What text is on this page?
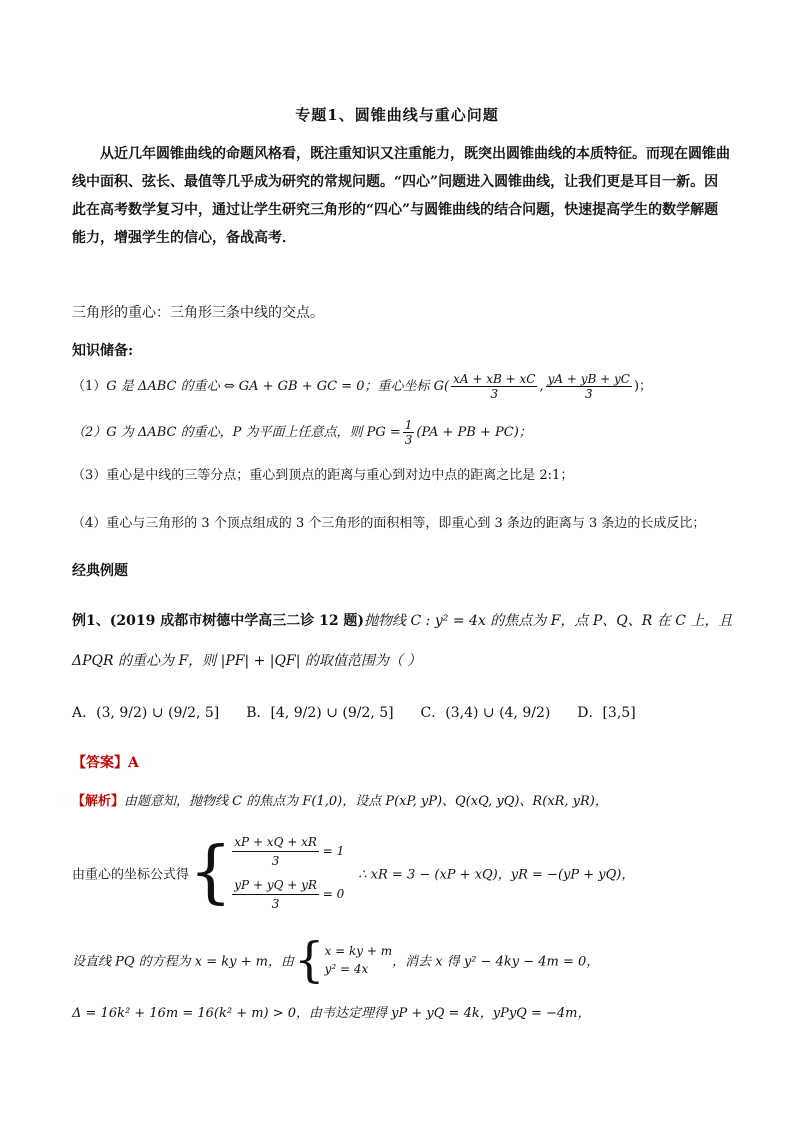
专题1、圆锥曲线与重心问题
从近几年圆锥曲线的命题风格看，既注重知识又注重能力，既突出圆锥曲线的本质特征。而现在圆锥曲线中面积、弦长、最值等几乎成为研究的常规问题。“四心”问题进入圆锥曲线，让我们更是耳目一新。因此在高考数学复习中，通过让学生研究三角形的“四心”与圆锥曲线的结合问题，快速提高学生的数学解题能力，增强学生的信心，备战高考．
三角形的重心：三角形三条中线的交点。
知识储备:
（1）G 是 ΔABC 的重心 ⇔ GA + GB + GC = 0；重心坐标 $G( \frac{xA + xB + xC}{3}$ , $\frac{yA + yB + yC}{3}$ )；
（2）G 为 ΔABC 的重心，P 为平面上任意点，则 PG = $\frac{1}{3} (PA$ + PB + PC)；
（3）重心是中线的三等分点；重心到顶点的距离与重心到对边中点的距离之比是 2:1；
（4）重心与三角形的 3 个顶点组成的 3 个三角形的面积相等，即重心到 3 条边的距离与 3 条边的长成反比；
经典例题
例1、(2019 成都市树德中学高三二诊 12 题)抛物线 C : y² = 4x 的焦点为 F，点 P、Q、R 在 C 上，且
ΔPQR 的重心为 F，则 |PF| + |QF| 的取值范围为（ ）
A．(3, 9/2) ∪ (9/2, 5] B．[4, 9/2) ∪ (9/2, 5] C．(3,4) ∪ (4, 9/2) D．[3,5]
【答案】A
【解析】由题意知，抛物线 C 的焦点为 F(1,0)，设点 P(xP, yP)、Q(xQ, yQ)、R(xR, yR)，
由重心的坐标公式得{ $\frac{xP + xQ + xR}{3} = 1$
$\frac{yP + yQ + yR}{3} = 0$
∴ xR = 3 − (xP + xQ)，yR = −(yP + yQ)，
设直线 PQ 的方程为 x = ky + m，由{ x = ky + m
y² = 4x	，消去 x 得 y² − 4ky − 4m = 0，
Δ = 16k² + 16m = 16(k² + m) > 0，由韦达定理得 yP + yQ = 4k，yPyQ = −4m，
